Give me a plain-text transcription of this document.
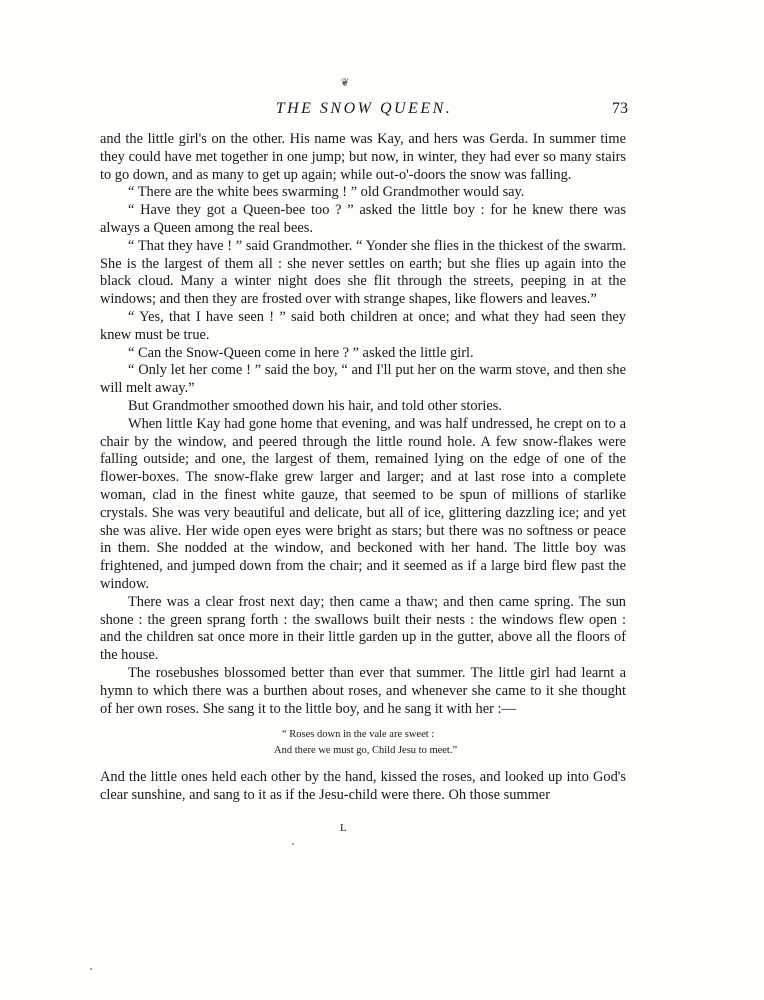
❦
THE SNOW QUEEN.	73

and the little girl's on the other. His name was Kay, and hers was Gerda. In summer time they could have met together in one jump; but now, in winter, they had ever so many stairs to go down, and as many to get up again; while out-o'-doors the snow was falling.

“ There are the white bees swarming ! ” old Grandmother would say.

“ Have they got a Queen-bee too ? ” asked the little boy : for he knew there was always a Queen among the real bees.

“ That they have ! ” said Grandmother. “ Yonder she flies in the thickest of the swarm. She is the largest of them all : she never settles on earth; but she flies up again into the black cloud. Many a winter night does she flit through the streets, peeping in at the windows; and then they are frosted over with strange shapes, like flowers and leaves.”

“ Yes, that I have seen ! ” said both children at once; and what they had seen they knew must be true.

“ Can the Snow-Queen come in here ? ” asked the little girl.

“ Only let her come ! ” said the boy, “ and I'll put her on the warm stove, and then she will melt away.”

But Grandmother smoothed down his hair, and told other stories.

When little Kay had gone home that evening, and was half undressed, he crept on to a chair by the window, and peered through the little round hole. A few snow-flakes were falling outside; and one, the largest of them, remained lying on the edge of one of the flower-boxes. The snow-flake grew larger and larger; and at last rose into a complete woman, clad in the finest white gauze, that seemed to be spun of millions of starlike crystals. She was very beautiful and delicate, but all of ice, glittering dazzling ice; and yet she was alive. Her wide open eyes were bright as stars; but there was no softness or peace in them. She nodded at the window, and beckoned with her hand. The little boy was frightened, and jumped down from the chair; and it seemed as if a large bird flew past the window.

There was a clear frost next day; then came a thaw; and then came spring. The sun shone : the green sprang forth : the swallows built their nests : the windows flew open : and the children sat once more in their little garden up in the gutter, above all the floors of the house.

The rosebushes blossomed better than ever that summer. The little girl had learnt a hymn to which there was a burthen about roses, and whenever she came to it she thought of her own roses. She sang it to the little boy, and he sang it with her :—

“ Roses down in the vale are sweet :
And there we must go, Child Jesu to meet.”

And the little ones held each other by the hand, kissed the roses, and looked up into God's clear sunshine, and sang to it as if the Jesu-child were there. Oh those summer

L
